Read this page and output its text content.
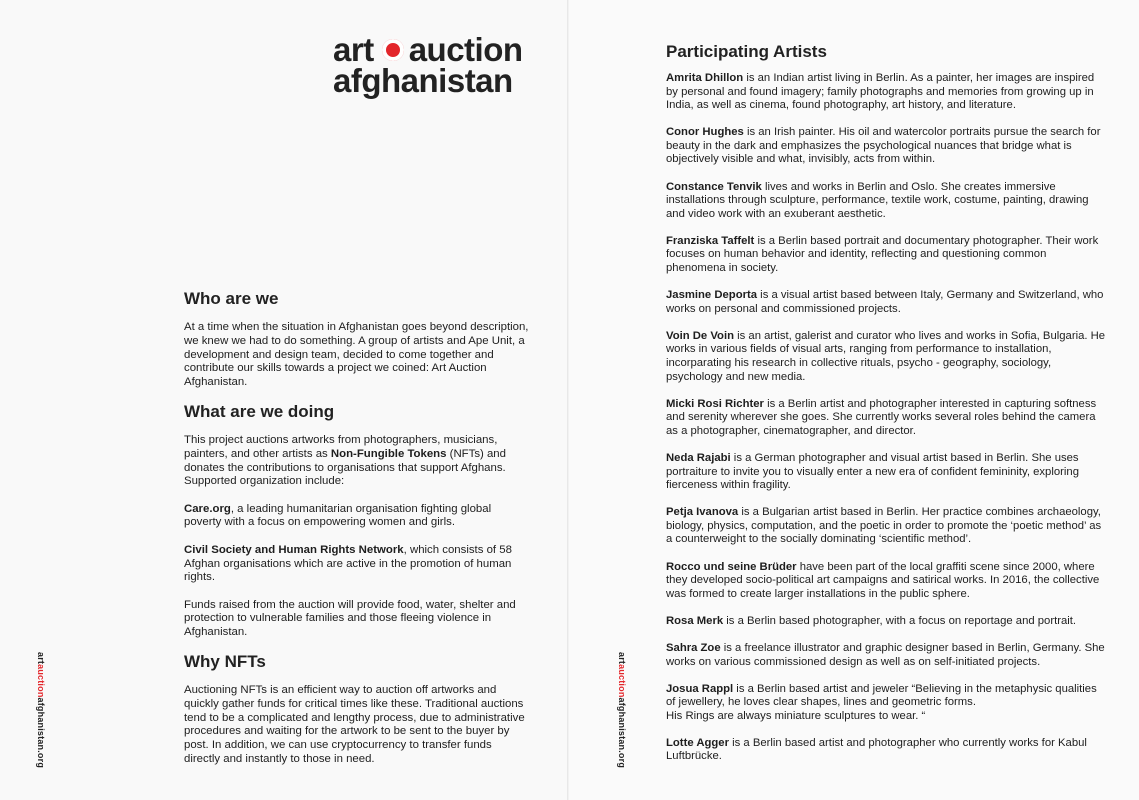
art auction
afghanistan
artauctionafghanistan.org
artauctionafghanistan.org
Who are we

At a time when the situation in Afghanistan goes beyond description, we knew we had to do something. A group of artists and Ape Unit, a development and design team, decided to come together and contribute our skills towards a project we coined: Art Auction Afghanistan.

What are we doing

This project auctions artworks from photographers, musicians, painters, and other artists as Non-Fungible Tokens (NFTs) and donates the contributions to organisations that support Afghans. Supported organization include:

Care.org, a leading humanitarian organisation fighting global poverty with a focus on empowering women and girls.

Civil Society and Human Rights Network, which consists of 58 Afghan organisations which are active in the promotion of human rights.

Funds raised from the auction will provide food, water, shelter and protection to vulnerable families and those fleeing violence in Afghanistan.

Why NFTs

Auctioning NFTs is an efficient way to auction off artworks and quickly gather funds for critical times like these. Traditional auctions tend to be a complicated and lengthy process, due to administrative procedures and waiting for the artwork to be sent to the buyer by post. In addition, we can use cryptocurrency to transfer funds directly and instantly to those in need.

Participating Artists

Amrita Dhillon is an Indian artist living in Berlin. As a painter, her images are inspired by personal and found imagery; family photographs and memories from growing up in India, as well as cinema, found photography, art history, and literature.

Conor Hughes is an Irish painter. His oil and watercolor portraits pursue the search for beauty in the dark and emphasizes the psychological nuances that bridge what is objectively visible and what, invisibly, acts from within.

Constance Tenvik lives and works in Berlin and Oslo. She creates immersive installations through sculpture, performance, textile work, costume, painting, drawing and video work with an exuberant aesthetic.

Franziska Taffelt is a Berlin based portrait and documentary photographer. Their work focuses on human behavior and identity, reflecting and questioning common phenomena in society.

Jasmine Deporta is a visual artist based between Italy, Germany and Switzerland, who works on personal and commissioned projects.

Voin De Voin is an artist, galerist and curator who lives and works in Sofia, Bulgaria. He works in various fields of visual arts, ranging from performance to installation, incorparating his research in collective rituals, psycho - geography, sociology, psychology and new media.

Micki Rosi Richter is a Berlin artist and photographer interested in capturing softness and serenity wherever she goes. She currently works several roles behind the camera as a photographer, cinematographer, and director.

Neda Rajabi is a German photographer and visual artist based in Berlin. She uses portraiture to invite you to visually enter a new era of confident femininity, exploring fierceness within fragility.

Petja Ivanova is a Bulgarian artist based in Berlin. Her practice combines archaeology, biology, physics, computation, and the poetic in order to promote the ‘poetic method’ as a counterweight to the socially dominating ‘scientific method’.

Rocco und seine Brüder have been part of the local graffiti scene since 2000, where they developed socio-political art campaigns and satirical works. In 2016, the collective was formed to create larger installations in the public sphere.

Rosa Merk is a Berlin based photographer, with a focus on reportage and portrait.

Sahra Zoe is a freelance illustrator and graphic designer based in Berlin, Germany. She works on various commissioned design as well as on self-initiated projects.

Josua Rappl is a Berlin based artist and jeweler “Believing in the metaphysic qualities of jewellery, he loves clear shapes, lines and geometric forms.
His Rings are always miniature sculptures to wear. “

Lotte Agger is a Berlin based artist and photographer who currently works for Kabul Luftbrücke.
